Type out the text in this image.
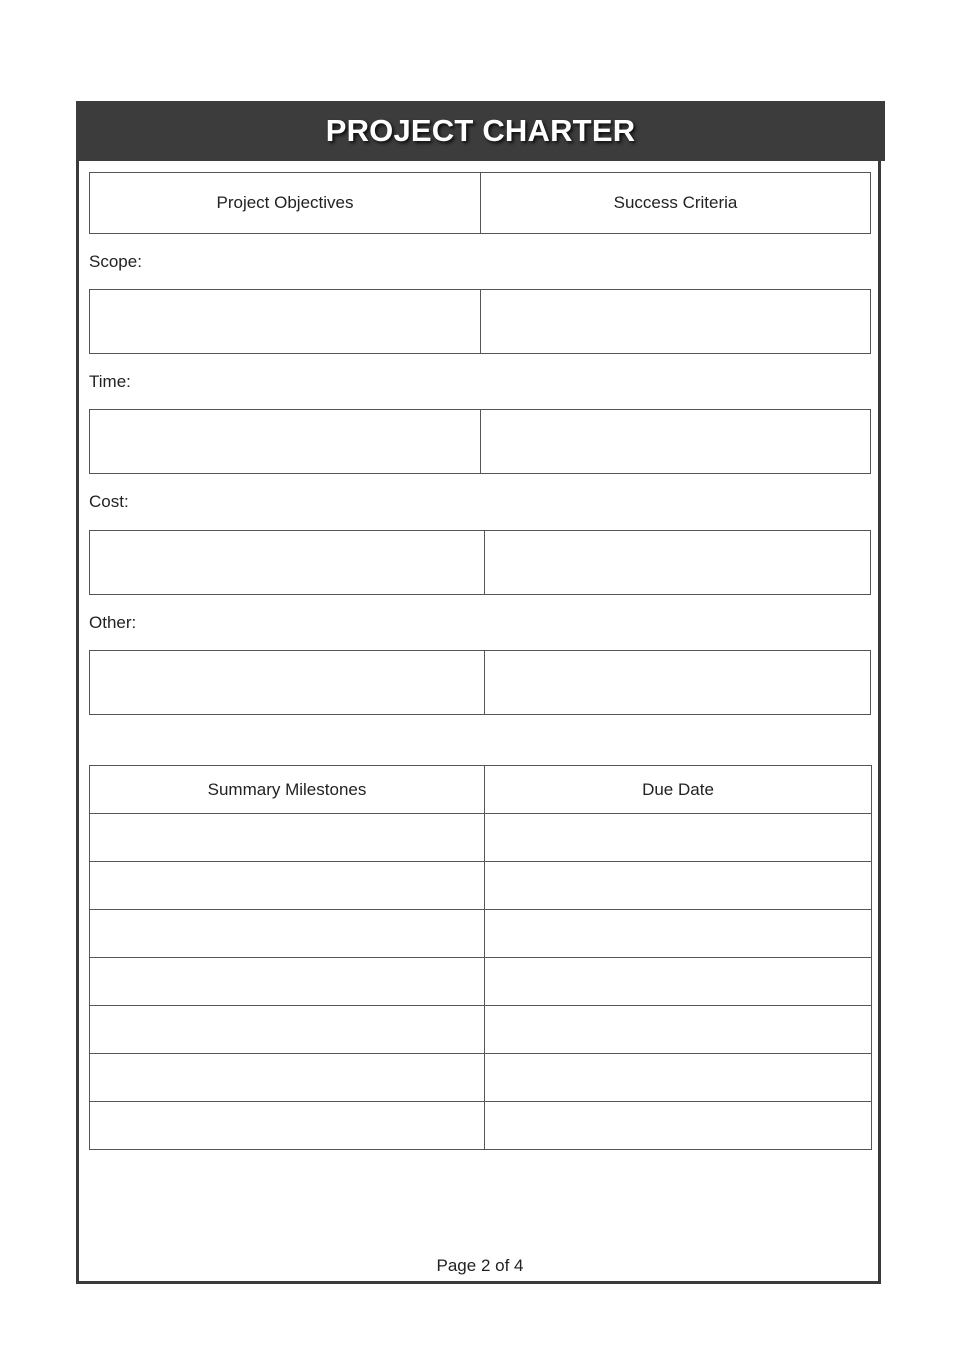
PROJECT CHARTER
Project Objectives	Success Criteria
Scope:
Time:
Cost:
Other:
Summary Milestones	Due Date

Page 2 of 4
